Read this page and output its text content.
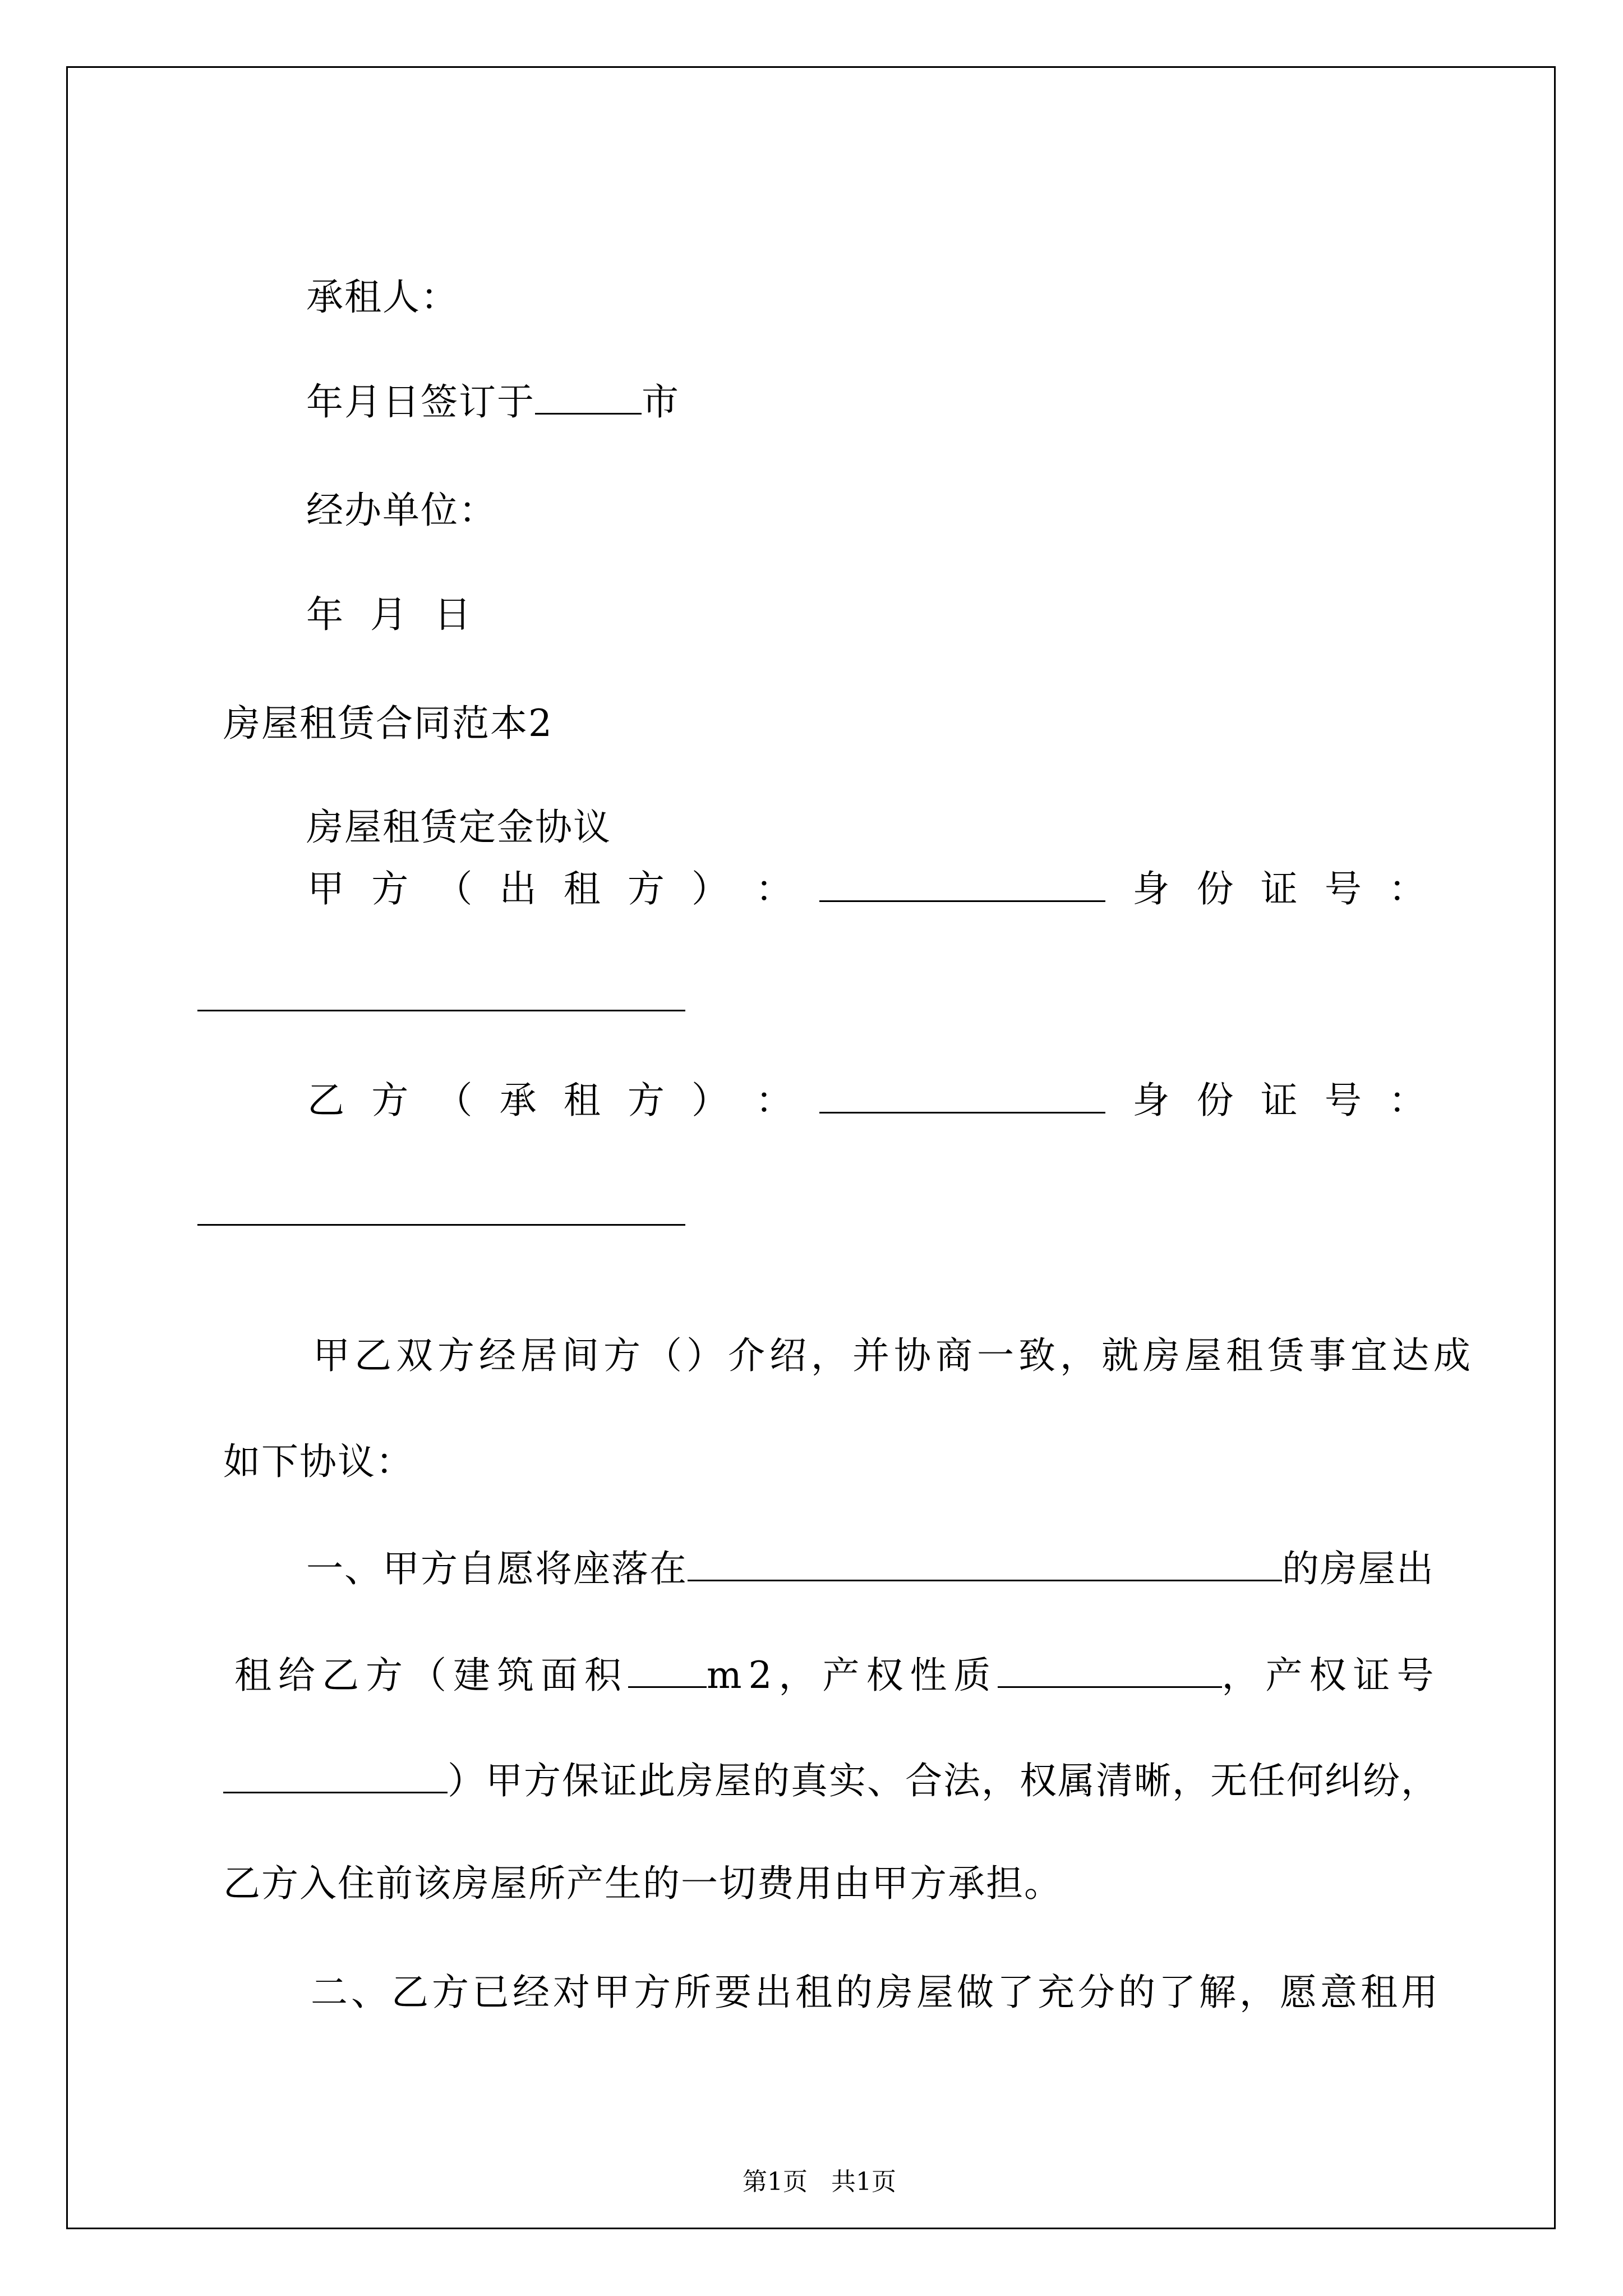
承租人：

年月日签订于	市

经办单位：

年  月  日

房屋租赁合同范本2

房屋租赁定金协议

甲 方 （ 出 租 方 ） ：	身 份 证 号 ：
乙 方 （ 承 租 方 ） ：	身 份 证 号 ：

甲乙双方经居间方（）介绍，并协商一致，就房屋租赁事宜达成

如下协议：

一、甲方自愿将座落在	的房屋出

租给乙方（建筑面积 m2，产权性质	，产权证号

）甲方保证此房屋的真实、合法，权属清晰，无任何纠纷，

乙方入住前该房屋所产生的一切费用由甲方承担。

二、乙方已经对甲方所要出租的房屋做了充分的了解，愿意租用

第1页   共1页
